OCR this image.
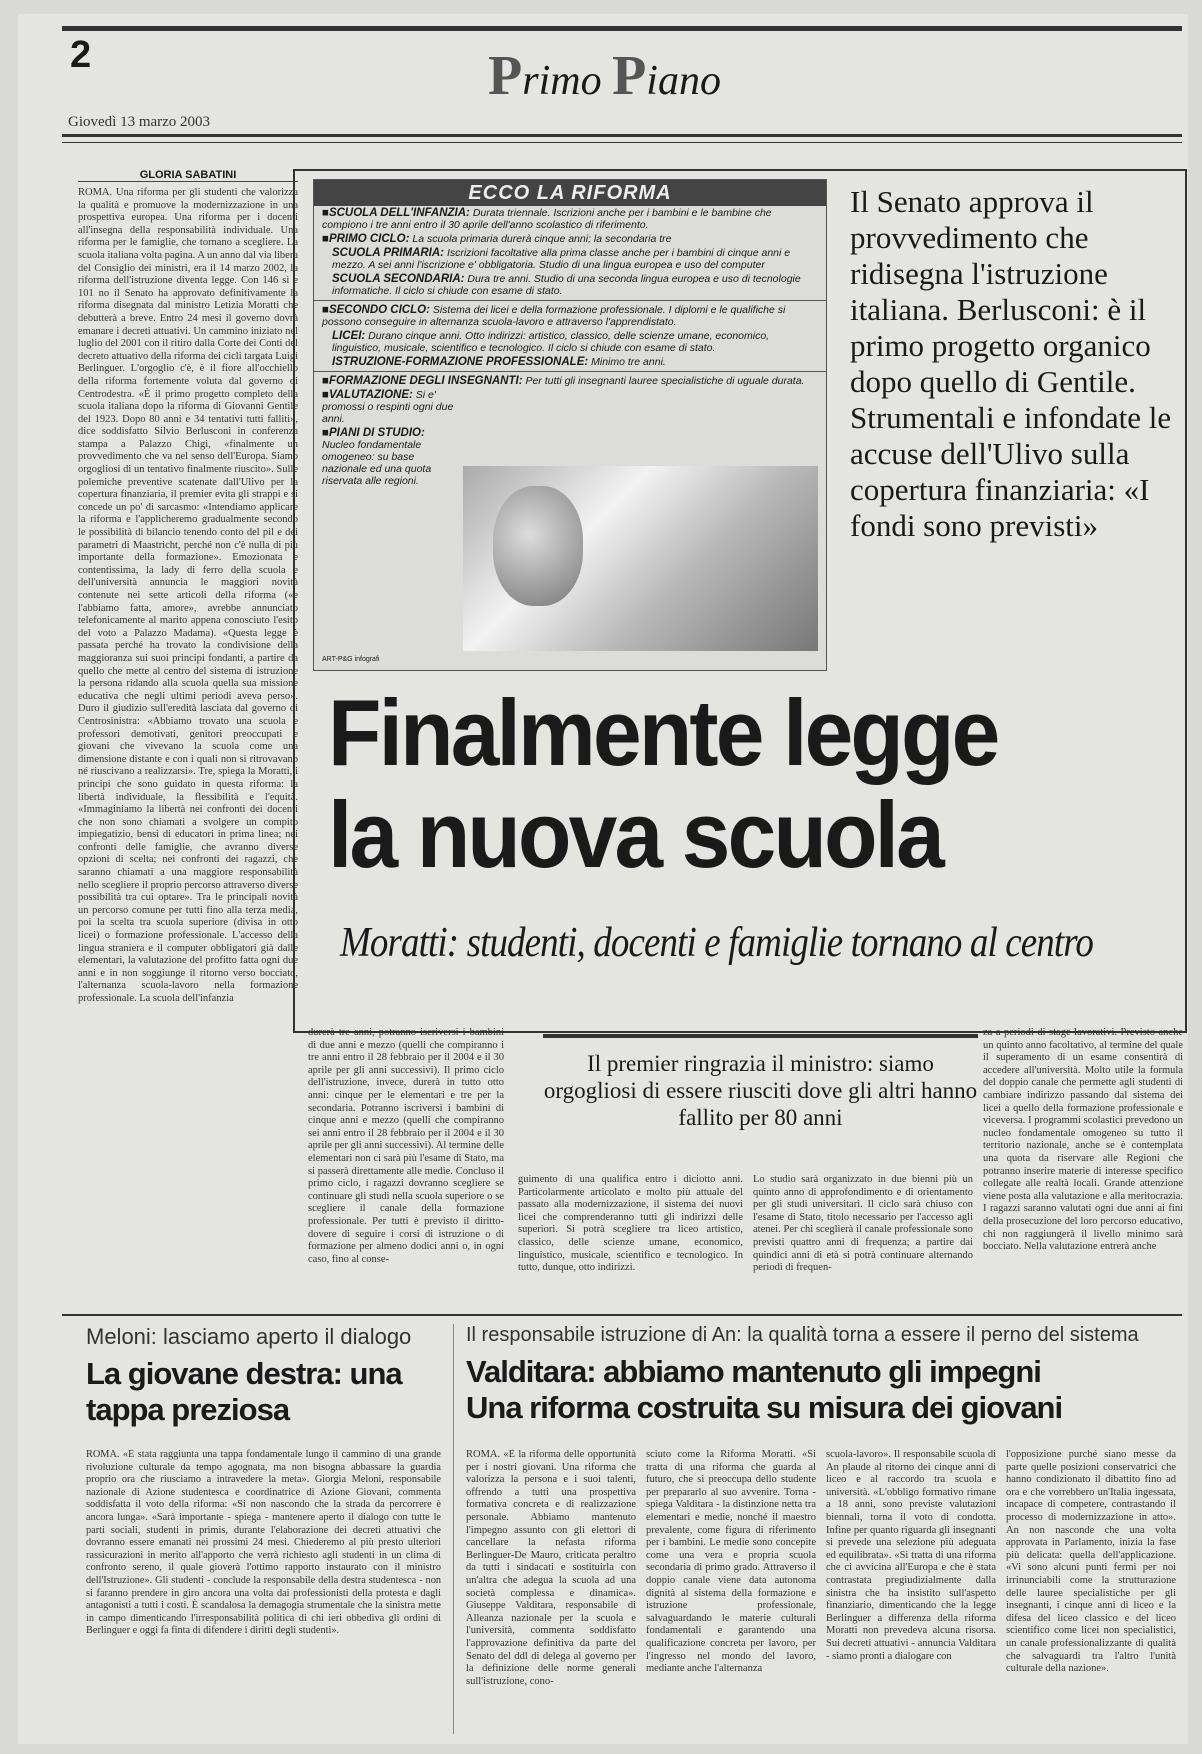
2	Primo Piano
Giovedì 13 marzo 2003
GLORIA SABATINI
ROMA. Una riforma per gli studenti che valorizza la qualità e promuove la modernizzazione in una prospettiva europea. Una riforma per i docenti all'insegna della responsabilità individuale. Una riforma per le famiglie, che tornano a scegliere. La scuola italiana volta pagina. A un anno dal via libera del Consiglio dei ministri, era il 14 marzo 2002, la riforma dell'istruzione diventa legge. Con 146 sì e 101 no il Senato ha approvato definitivamente la riforma disegnata dal ministro Letizia Moratti che debutterà a breve. Entro 24 mesi il governo dovrà emanare i decreti attuativi. Un cammino iniziato nel luglio del 2001 con il ritiro dalla Corte dei Conti del decreto attuativo della riforma dei cicli targata Luigi Berlinguer. L'orgoglio c'è, è il fiore all'occhiello della riforma fortemente voluta dal governo di Centrodestra. «È il primo progetto completo della scuola italiana dopo la riforma di Giovanni Gentile del 1923. Dopo 80 anni e 34 tentativi tutti falliti», dice soddisfatto Silvio Berlusconi in conferenza stampa a Palazzo Chigi, «finalmente un provvedimento che va nel senso dell'Europa. Siamo orgogliosi di un tentativo finalmente riuscito». Sulle polemiche preventive scatenate dall'Ulivo per la copertura finanziaria, il premier evita gli strappi e si concede un po' di sarcasmo: «Intendiamo applicare la riforma e l'applicheremo gradualmente secondo le possibilità di bilancio tenendo conto del pil e dei parametri di Maastricht, perché non c'è nulla di più importante della formazione». Emozionata e contentissima, la lady di ferro della scuola e dell'università annuncia le maggiori novità contenute nei sette articoli della riforma («e l'abbiamo fatta, amore», avrebbe annunciato telefonicamente al marito appena conosciuto l'esito del voto a Palazzo Madama). «Questa legge è passata perché ha trovato la condivisione della maggioranza sui suoi principi fondanti, a partire da quello che mette al centro del sistema di istruzione la persona ridando alla scuola quella sua missione educativa che negli ultimi periodi aveva perso». Duro il giudizio sull'eredità lasciata dal governo di Centrosinistra: «Abbiamo trovato una scuola e professori demotivati, genitori preoccupati e giovani che vivevano la scuola come una dimensione distante e con i quali non si ritrovavano né riuscivano a realizzarsi». Tre, spiega la Moratti, i principi che sono guidato in questa riforma: la libertà individuale, la flessibilità e l'equità. «Immaginiamo la libertà nei confronti dei docenti che non sono chiamati a svolgere un compito impiegatizio, bensì di educatori in prima linea; nei confronti delle famiglie, che avranno diverse opzioni di scelta; nei confronti dei ragazzi, che saranno chiamati a una maggiore responsabilità nello scegliere il proprio percorso attraverso diverse possibilità tra cui optare». Tra le principali novità un percorso comune per tutti fino alla terza media, poi la scelta tra scuola superiore (divisa in otto licei) o formazione professionale. L'accesso della lingua straniera e il computer obbligatori già dalle elementari, la valutazione del profitto fatta ogni due anni e in non soggiunge il ritorno verso bocciato, l'alternanza scuola-lavoro nella formazione professionale. La scuola dell'infanzia
ECCO LA RIFORMA
■SCUOLA DELL'INFANZIA: Durata triennale. Iscrizioni anche per i bambini e le bambine che compiono i tre anni entro il 30 aprile dell'anno scolastico di riferimento.
■PRIMO CICLO: La scuola primaria durerà cinque anni; la secondaria tre
SCUOLA PRIMARIA: Iscrizioni facoltative alla prima classe anche per i bambini di cinque anni e mezzo. A sei anni l'iscrizione e' obbligatoria. Studio di una lingua europea e uso del computer
SCUOLA SECONDARIA: Dura tre anni. Studio di una seconda lingua europea e uso di tecnologie informatiche. Il ciclo si chiude con esame di stato.
■SECONDO CICLO: Sistema dei licei e della formazione professionale. I diplomi e le qualifiche si possono conseguire in alternanza scuola-lavoro e attraverso l'apprendistato.
LICEI: Durano cinque anni. Otto indirizzi: artistico, classico, delle scienze umane, economico, linguistico, musicale, scientifico e tecnologico. Il ciclo si chiude con esame di stato.
ISTRUZIONE-FORMAZIONE PROFESSIONALE: Minimo tre anni.
■FORMAZIONE DEGLI INSEGNANTI: Per tutti gli insegnanti lauree specialistiche di uguale durata.
■VALUTAZIONE: Si e' promossi o respinti ogni due anni.
■PIANI DI STUDIO: Nucleo fondamentale omogeneo: su base nazionale ed una quota riservata alle regioni.
ART-P&G infografi
Il Senato approva il provvedimento che ridisegna l'istruzione italiana. Berlusconi: è il primo progetto organico dopo quello di Gentile. Strumentali e infondate le accuse dell'Ulivo sulla copertura finanziaria: «I fondi sono previsti»
Finalmente legge
la nuova scuola
Moratti: studenti, docenti e famiglie tornano al centro
durerà tre anni, potranno iscriversi i bambini di due anni e mezzo (quelli che compiranno i tre anni entro il 28 febbraio per il 2004 e il 30 aprile per gli anni successivi). Il primo ciclo dell'istruzione, invece, durerà in tutto otto anni: cinque per le elementari e tre per la secondaria. Potranno iscriversi i bambini di cinque anni e mezzo (quelli che compiranno sei anni entro il 28 febbraio per il 2004 e il 30 aprile per gli anni successivi). Al termine delle elementari non ci sarà più l'esame di Stato, ma si passerà direttamente alle medie. Concluso il primo ciclo, i ragazzi dovranno scegliere se continuare gli studi nella scuola superiore o se scegliere il canale della formazione professionale. Per tutti è previsto il diritto-dovere di seguire i corsi di istruzione o di formazione per almeno dodici anni o, in ogni caso, fino al conse-
Il premier ringrazia il ministro: siamo orgogliosi di essere riusciti dove gli altri hanno fallito per 80 anni
guimento di una qualifica entro i diciotto anni. Particolarmente articolato e molto più attuale del passato alla modernizzazione, il sistema dei nuovi licei che comprenderanno tutti gli indirizzi delle superiori. Si potrà scegliere tra liceo artistico, classico, delle scienze umane, economico, linguistico, musicale, scientifico e tecnologico. In tutto, dunque, otto indirizzi.
Lo studio sarà organizzato in due bienni più un quinto anno di approfondimento e di orientamento per gli studi universitari. Il ciclo sarà chiuso con l'esame di Stato, titolo necessario per l'accesso agli atenei. Per chi sceglierà il canale professionale sono previsti quattro anni di frequenza; a partire dai quindici anni di età si potrà continuare alternando periodi di frequen-
za a periodi di stage lavorativi. Previsto anche un quinto anno facoltativo, al termine del quale il superamento di un esame consentirà di accedere all'università. Molto utile la formula del doppio canale che permette agli studenti di cambiare indirizzo passando dal sistema dei licei a quello della formazione professionale e viceversa. I programmi scolastici prevedono un nucleo fondamentale omogeneo su tutto il territorio nazionale, anche se è contemplata una quota da riservare alle Regioni che potranno inserire materie di interesse specifico collegate alle realtà locali. Grande attenzione viene posta alla valutazione e alla meritocrazia. I ragazzi saranno valutati ogni due anni ai fini della prosecuzione del loro percorso educativo, chi non raggiungerà il livello minimo sarà bocciato. Nella valutazione entrerà anche
Meloni: lasciamo aperto il dialogo
La giovane destra: una tappa preziosa
ROMA. «È stata raggiunta una tappa fondamentale lungo il cammino di una grande rivoluzione culturale da tempo agognata, ma non bisogna abbassare la guardia proprio ora che riusciamo a intravedere la meta». Giorgia Meloni, responsabile nazionale di Azione studentesca e coordinatrice di Azione Giovani, commenta soddisfatta il voto della riforma: «Si non nascondo che la strada da percorrere è ancora lunga». «Sarà importante - spiega - mantenere aperto il dialogo con tutte le parti sociali, studenti in primis, durante l'elaborazione dei decreti attuativi che dovranno essere emanati nei prossimi 24 mesi. Chiederemo al più presto ulteriori rassicurazioni in merito all'apporto che verrà richiesto agli studenti in un clima di confronto sereno, il quale gioverà l'ottimo rapporto instaurato con il ministro dell'Istruzione». Gli studenti - conclude la responsabile della destra studentesca - non si faranno prendere in giro ancora una volta dai professionisti della protesta e dagli antagonisti a tutti i costi. È scandalosa la demagogia strumentale che la sinistra mette in campo dimenticando l'irresponsabilità politica di chi ieri obbediva gli ordini di Berlinguer e oggi fa finta di difendere i diritti degli studenti».
Il responsabile istruzione di An: la qualità torna a essere il perno del sistema
Valditara: abbiamo mantenuto gli impegni
Una riforma costruita su misura dei giovani
ROMA. «È la riforma delle opportunità per i nostri giovani. Una riforma che valorizza la persona e i suoi talenti, offrendo a tutti una prospettiva formativa concreta e di realizzazione personale. Abbiamo mantenuto l'impegno assunto con gli elettori di cancellare la nefasta riforma Berlinguer-De Mauro, criticata peraltro da tutti i sindacati e sostituirla con un'altra che adegua la scuola ad una società complessa e dinamica». Giuseppe Valditara, responsabile di Alleanza nazionale per la scuola e l'università, commenta soddisfatto l'approvazione definitiva da parte del Senato del ddl di delega al governo per la definizione delle norme generali sull'istruzione, cono-
sciuto come la Riforma Moratti. «Si tratta di una riforma che guarda al futuro, che si preoccupa dello studente per prepararlo al suo avvenire. Torna - spiega Valditara - la distinzione netta tra elementari e medie, nonché il maestro prevalente, come figura di riferimento per i bambini. Le medie sono concepite come una vera e propria scuola secondaria di primo grado. Attraverso il doppio canale viene data autonoma dignità al sistema della formazione e istruzione professionale, salvaguardando le materie culturali fondamentali e garantendo una qualificazione concreta per lavoro, per l'ingresso nel mondo del lavoro, mediante anche l'alternanza
scuola-lavoro». Il responsabile scuola di An plaude al ritorno dei cinque anni di liceo e al raccordo tra scuola e università. «L'obbligo formativo rimane a 18 anni, sono previste valutazioni biennali, torna il voto di condotta. Infine per quanto riguarda gli insegnanti si prevede una selezione più adeguata ed equilibrata». «Si tratta di una riforma che ci avvicina all'Europa e che è stata contrastata pregiudizialmente dalla sinistra che ha insistito sull'aspetto finanziario, dimenticando che la legge Berlinguer a differenza della riforma Moratti non prevedeva alcuna risorsa. Sui decreti attuativi - annuncia Valditara - siamo pronti a dialogare con
l'opposizione purché siano messe da parte quelle posizioni conservatrici che hanno condizionato il dibattito fino ad ora e che vorrebbero un'Italia ingessata, incapace di competere, contrastando il processo di modernizzazione in atto». An non nasconde che una volta approvata in Parlamento, inizia la fase più delicata: quella dell'applicazione. «Vi sono alcuni punti fermi per noi irrinunciabili come la strutturazione delle lauree specialistiche per gli insegnanti, i cinque anni di liceo e la difesa del liceo classico e del liceo scientifico come licei non specialistici, un canale professionalizzante di qualità che salvaguardi tra l'altro l'unità culturale della nazione».
